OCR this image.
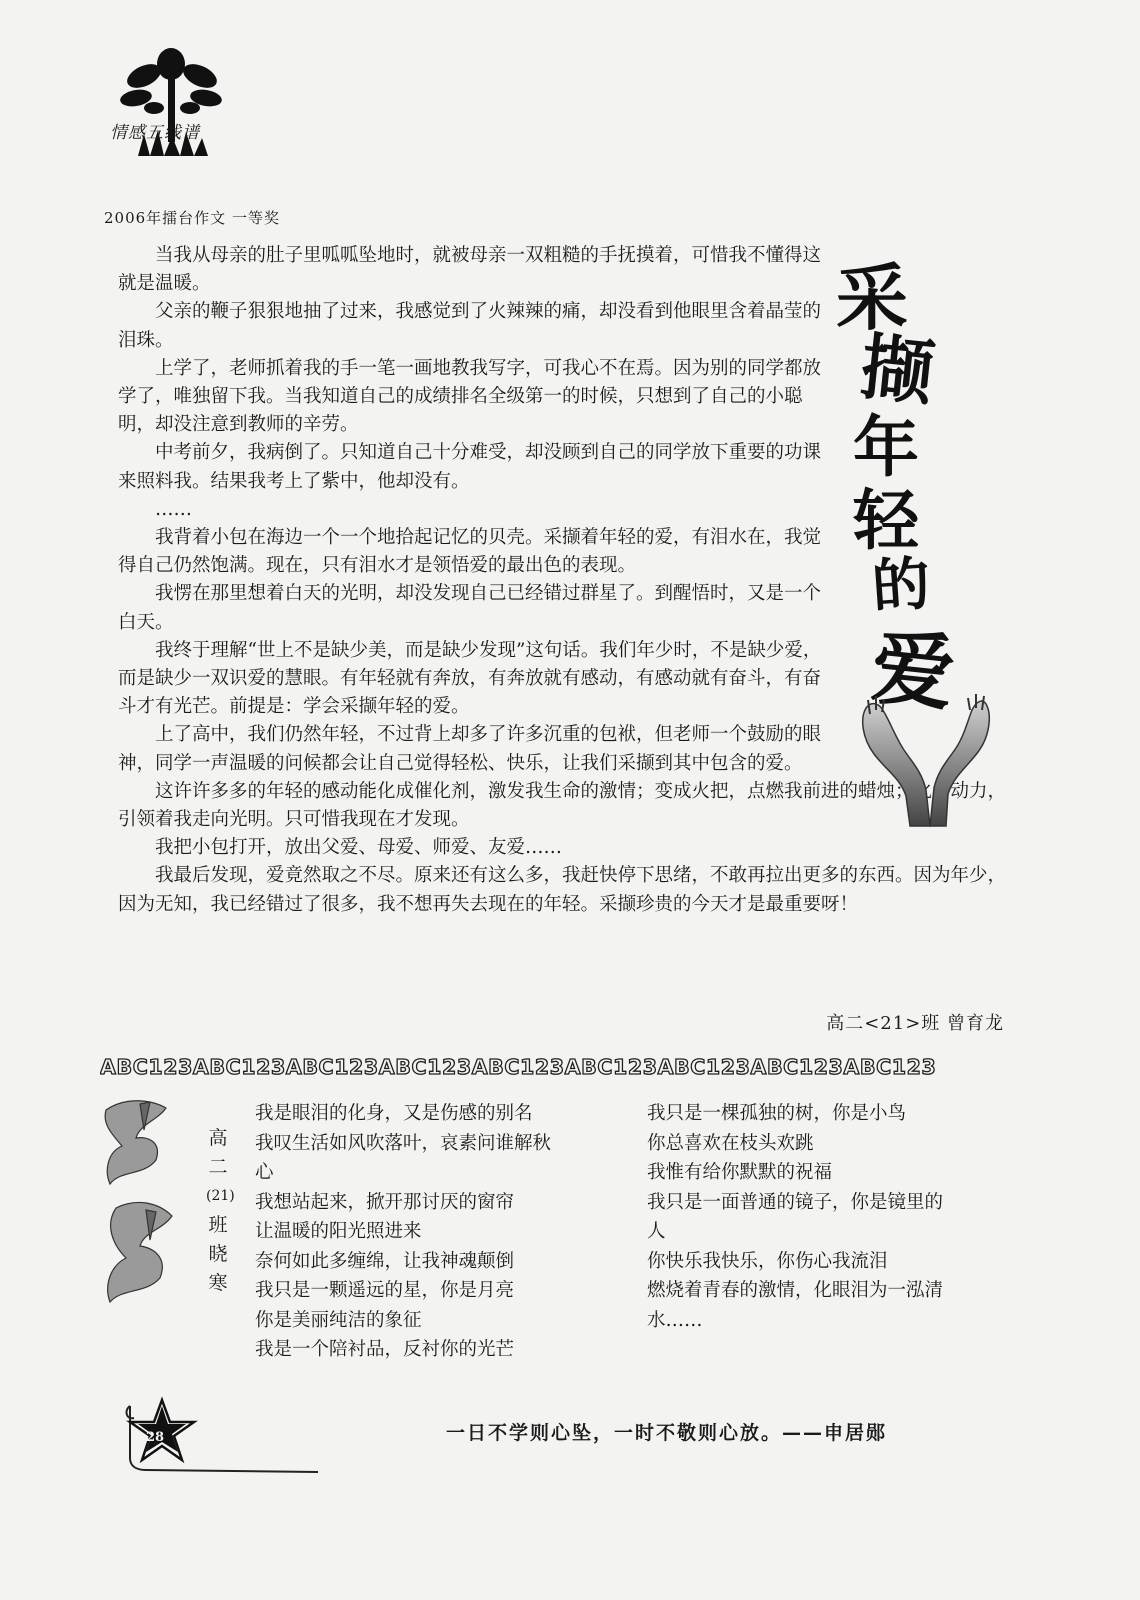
情感五线谱
2006年擂台作文 一等奖

当我从母亲的肚子里呱呱坠地时，就被母亲一双粗糙的手抚摸着，可惜我不懂得这就是温暖。

父亲的鞭子狠狠地抽了过来，我感觉到了火辣辣的痛，却没看到他眼里含着晶莹的泪珠。

上学了，老师抓着我的手一笔一画地教我写字，可我心不在焉。因为别的同学都放学了，唯独留下我。当我知道自己的成绩排名全级第一的时候，只想到了自己的小聪明，却没注意到教师的辛劳。

中考前夕，我病倒了。只知道自己十分难受，却没顾到自己的同学放下重要的功课来照料我。结果我考上了紫中，他却没有。

……

我背着小包在海边一个一个地拾起记忆的贝壳。采撷着年轻的爱，有泪水在，我觉得自己仍然饱满。现在，只有泪水才是领悟爱的最出色的表现。

我愣在那里想着白天的光明，却没发现自己已经错过群星了。到醒悟时，又是一个白天。

我终于理解“世上不是缺少美，而是缺少发现”这句话。我们年少时，不是缺少爱，而是缺少一双识爱的慧眼。有年轻就有奔放，有奔放就有感动，有感动就有奋斗，有奋斗才有光芒。前提是：学会采撷年轻的爱。

上了高中，我们仍然年轻，不过背上却多了许多沉重的包袱，但老师一个鼓励的眼神，同学一声温暖的问候都会让自己觉得轻松、快乐，让我们采撷到其中包含的爱。

这许许多多的年轻的感动能化成催化剂，激发我生命的激情；变成火把，点燃我前进的蜡烛；化为动力，引领着我走向光明。只可惜我现在才发现。

我把小包打开，放出父爱、母爱、师爱、友爱……

我最后发现，爱竟然取之不尽。原来还有这么多，我赶快停下思绪，不敢再拉出更多的东西。因为年少，因为无知，我已经错过了很多，我不想再失去现在的年轻。采撷珍贵的今天才是最重要呀！

高二<21>班 曾育龙
采
撷
年
轻
的
爱
ABC123ABC123ABC123ABC123ABC123ABC123ABC123ABC123ABC123
高
二
(21)
班
晓
寒
我是眼泪的化身，又是伤感的别名
我叹生活如风吹落叶，哀素问谁解秋
心
我想站起来，掀开那讨厌的窗帘
让温暖的阳光照进来
奈何如此多缠绵，让我神魂颠倒
我只是一颗遥远的星，你是月亮
你是美丽纯洁的象征
我是一个陪衬品，反衬你的光芒
我只是一棵孤独的树，你是小鸟
你总喜欢在枝头欢跳
我惟有给你默默的祝福
我只是一面普通的镜子，你是镜里的
人
你快乐我快乐，你伤心我流泪
燃烧着青春的激情，化眼泪为一泓清
水……
28	一日不学则心坠，一时不敬则心放。——申居郧
